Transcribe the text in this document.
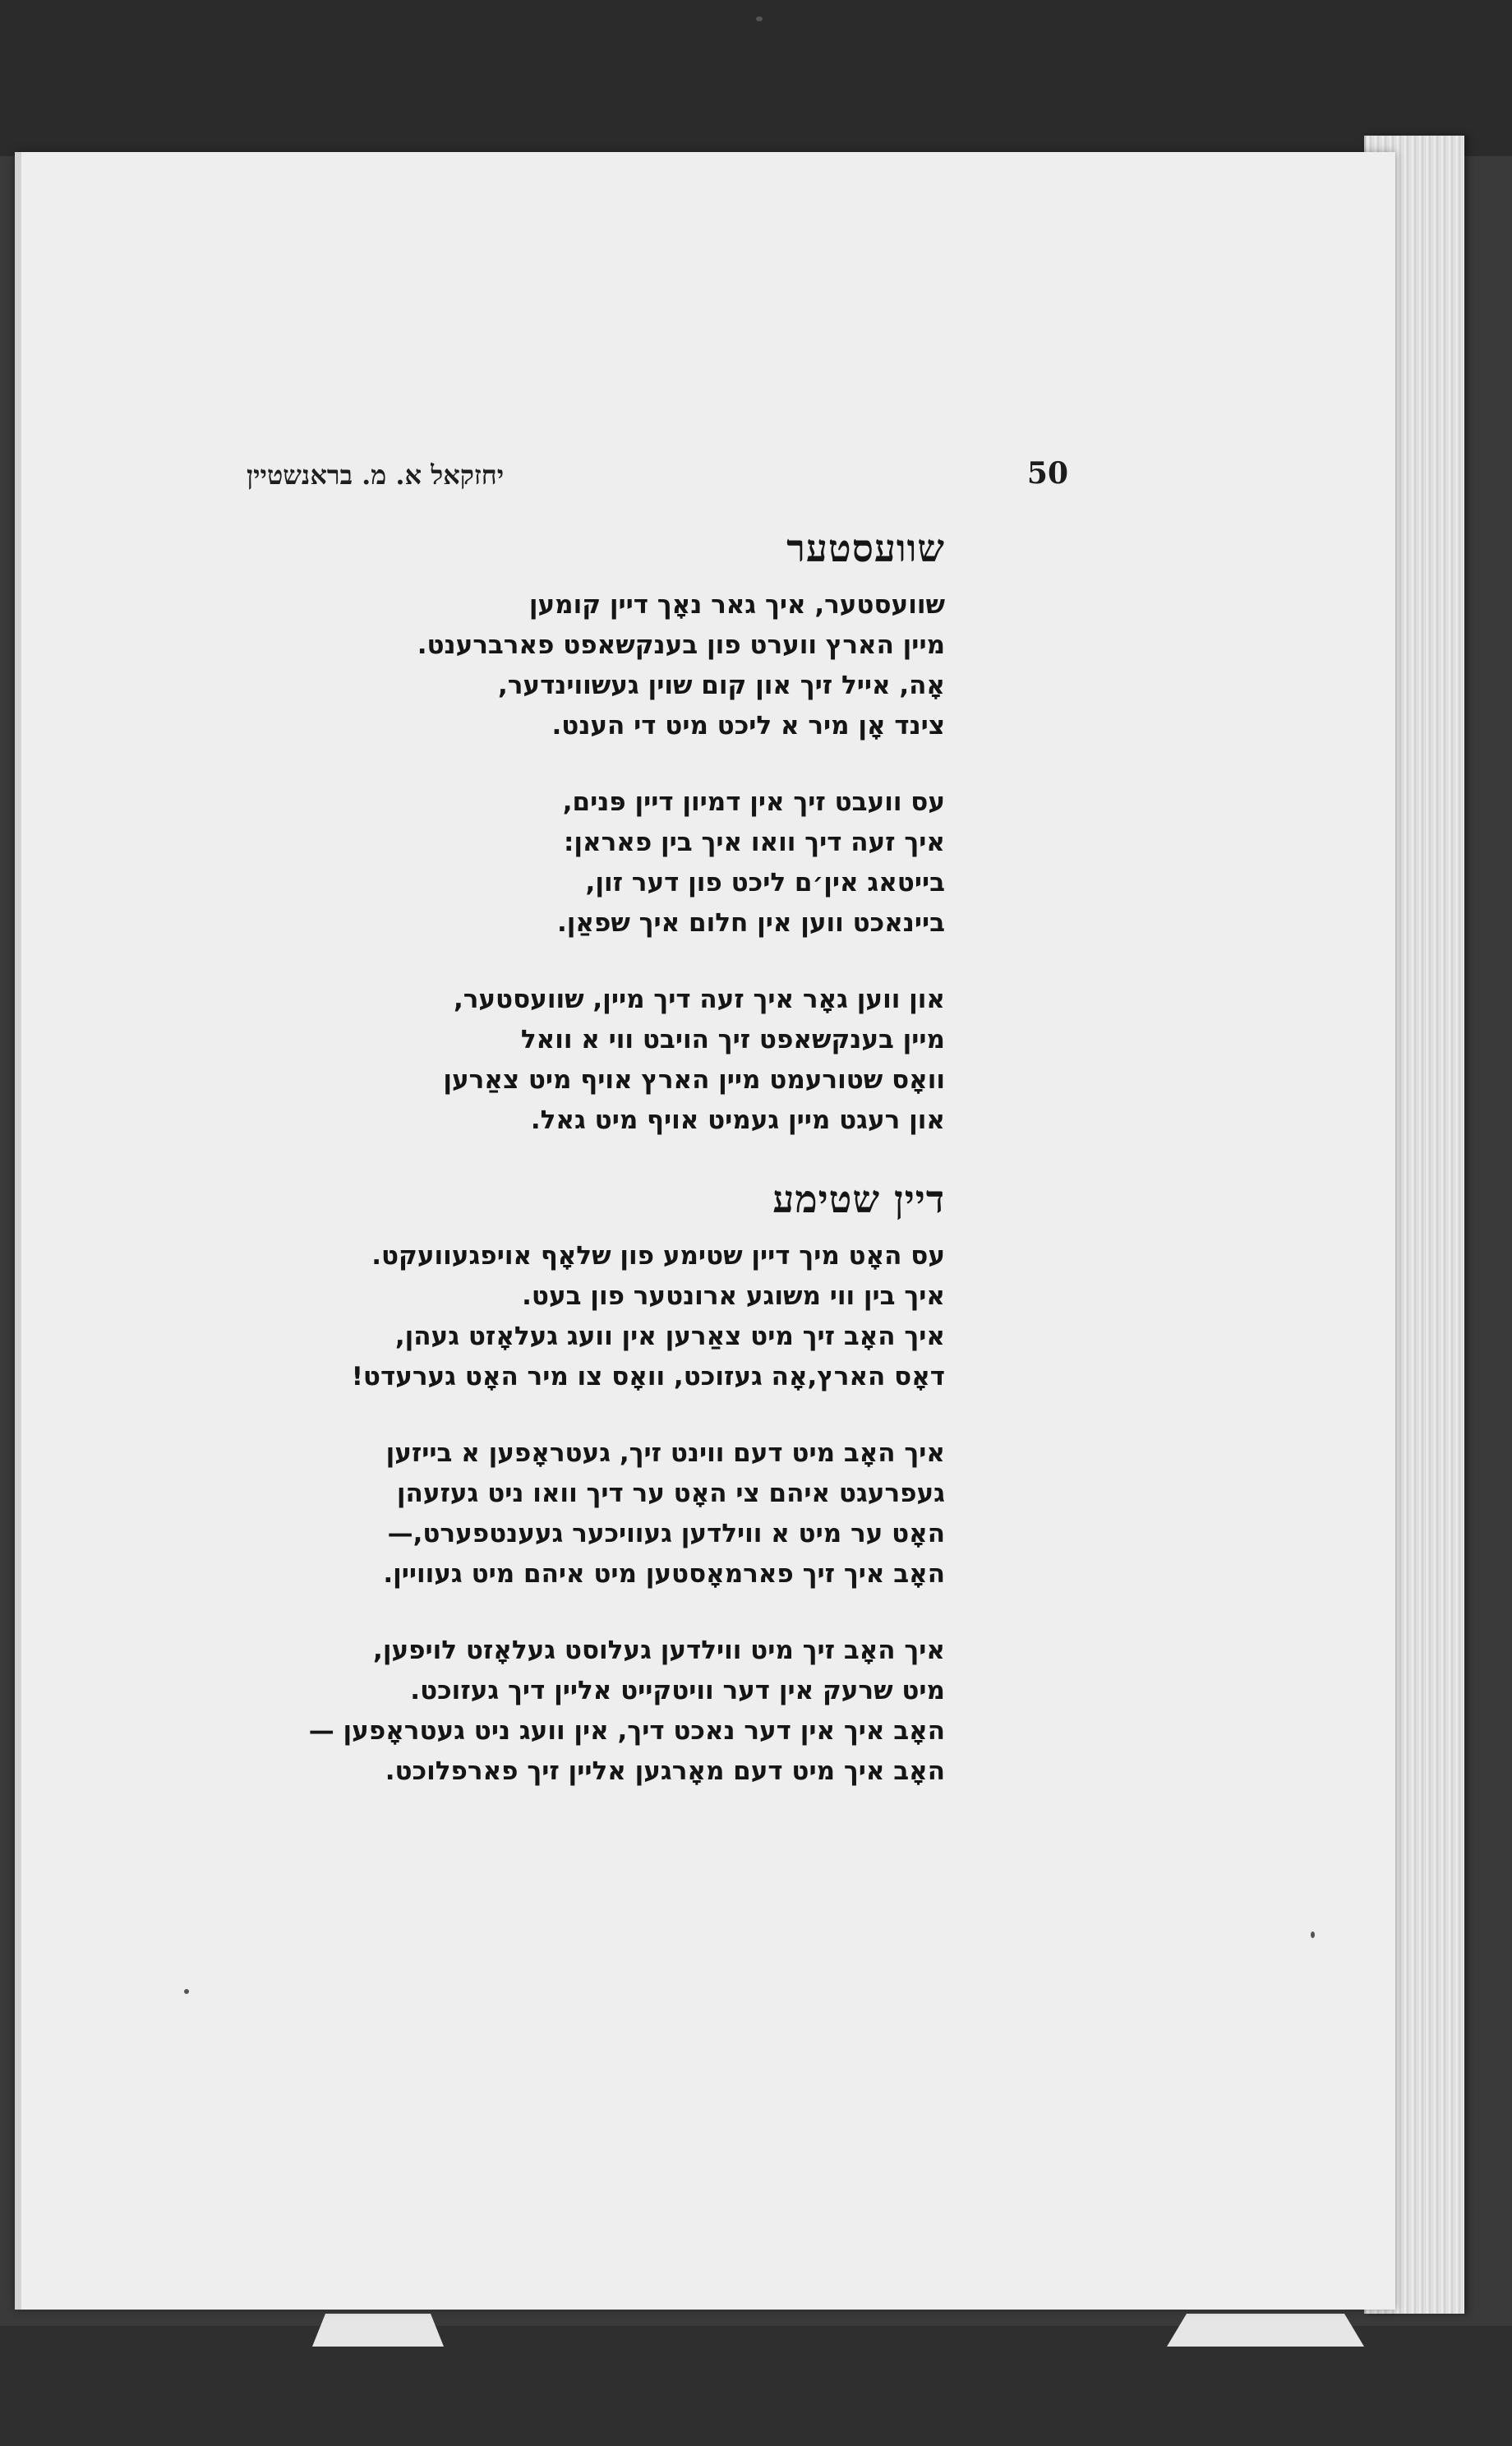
50
יחזקאל א. מ. בראנשטיין
שוועסטער
שוועסטער, איך גאר נאָך דיין קומען
מיין הארץ ווערט פון בענקשאפט פארברענט.
אָה, אייל זיך און קום שוין געשווינדער,
צינד אָן מיר א ליכט מיט די הענט.
עס וועבט זיך אין דמיון דיין פּנים,
איך זעה דיך וואו איך בין פאראן:
בייטאג אין׳ם ליכט פון דער זון,
ביינאכט ווען אין חלום איך שפאַן.
און ווען גאָר איך זעה דיך מיין, שוועסטער,
מיין בענקשאפט זיך הויבט ווי א וואל
וואָס שטורעמט מיין הארץ אויף מיט צאַרען
און רעגט מיין געמיט אויף מיט גאל.
דיין שטימע
עס האָט מיך דיין שטימע פון שלאָף אויפגעוועקט.
איך בין ווי משוגע ארונטער פון בעט.
איך האָב זיך מיט צאַרען אין וועג געלאָזט געהן,
דאָס הארץ,אָה געזוכט, וואָס צו מיר האָט גערעדט!
איך האָב מיט דעם ווינט זיך, געטראָפען א בייזען
געפרעגט איהם צי האָט ער דיך וואו ניט געזעהן
האָט ער מיט א ווילדען געוויכער געענטפערט,—
האָב איך זיך פארמאָסטען מיט איהם מיט געוויין.
איך האָב זיך מיט ווילדען געלוסט געלאָזט לויפען,
מיט שרעק אין דער וויטקייט אליין דיך געזוכט.
האָב איך אין דער נאכט דיך, אין וועג ניט געטראָפען —
האָב איך מיט דעם מאָרגען אליין זיך פארפלוכט.
